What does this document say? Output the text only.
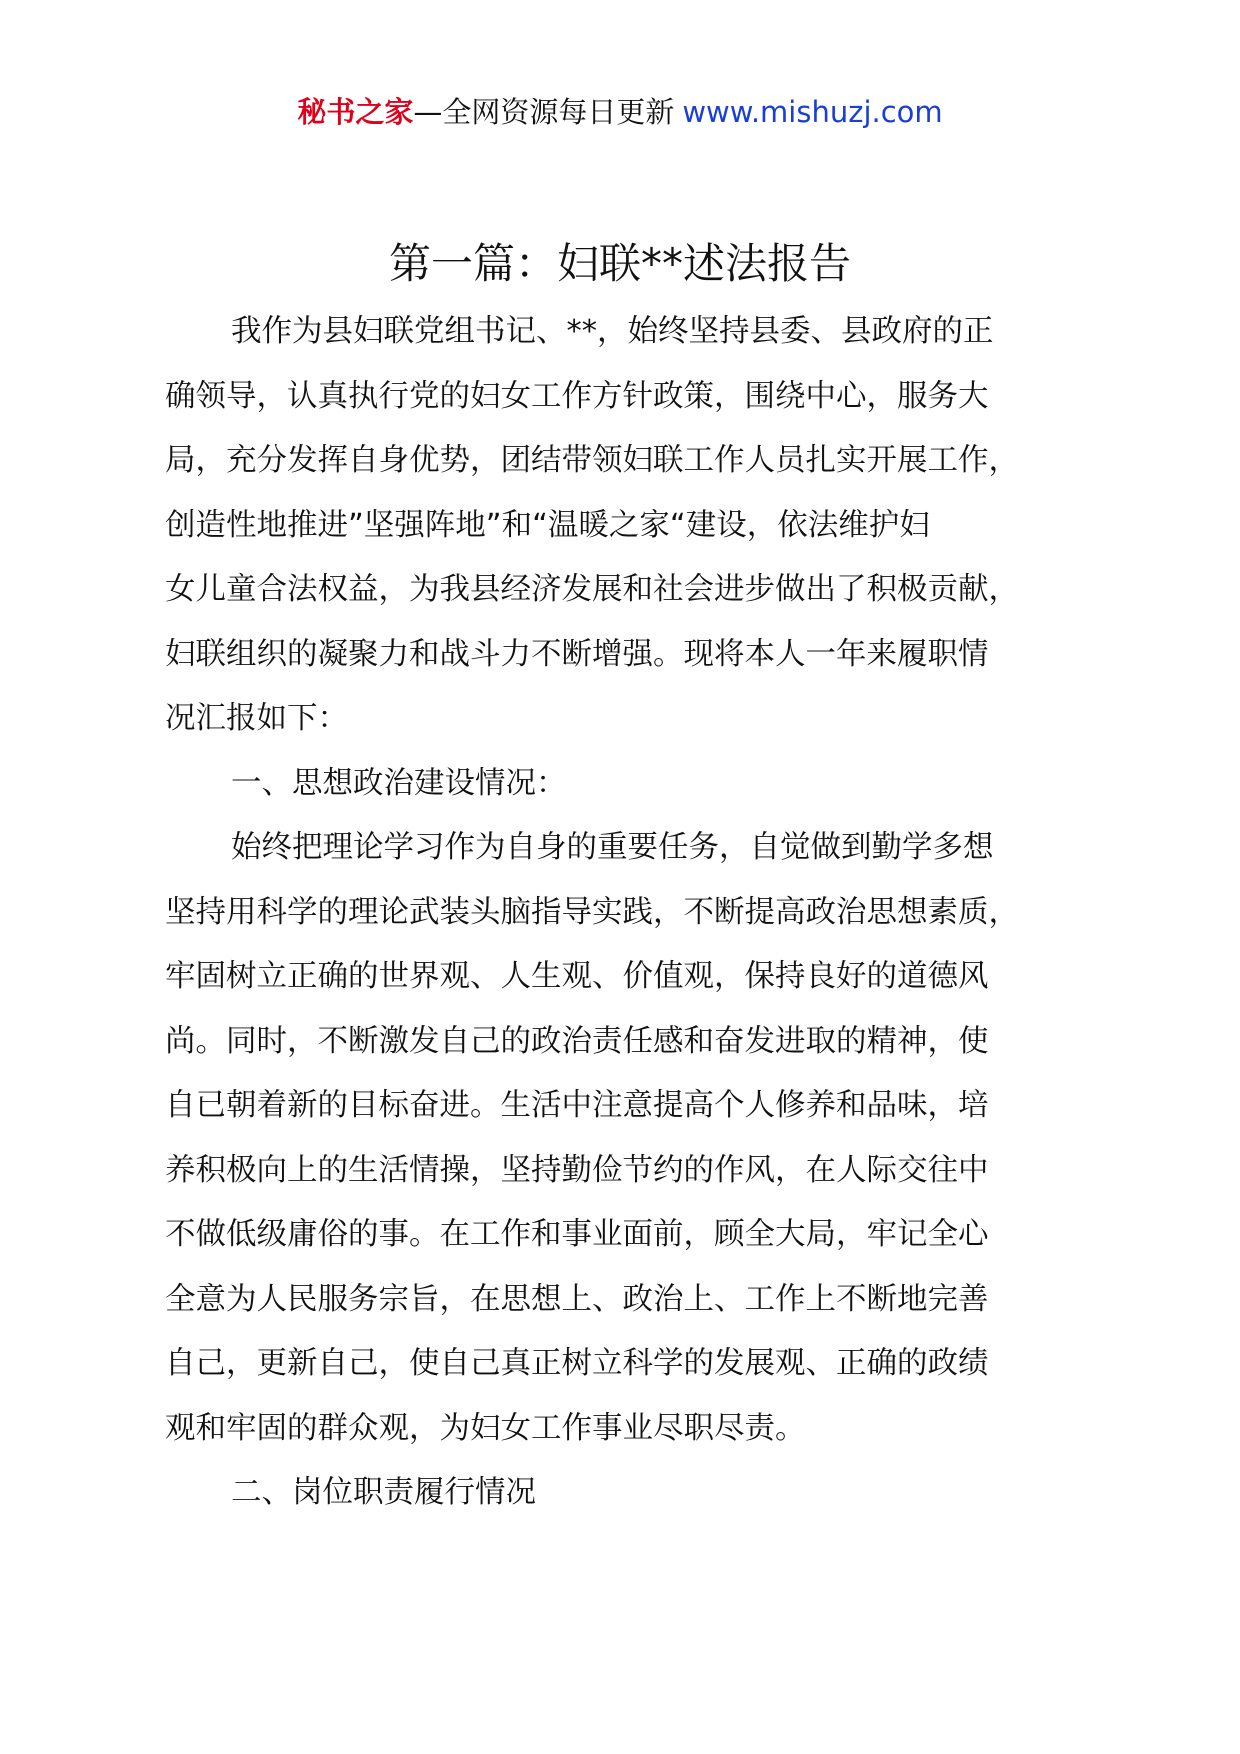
秘书之家—全网资源每日更新 www.mishuzj.com
第一篇：妇联**述法报告
我作为县妇联党组书记、**，始终坚持县委、县政府的正
确领导，认真执行党的妇女工作方针政策，围绕中心，服务大
局，充分发挥自身优势，团结带领妇联工作人员扎实开展工作，
创造性地推进”坚强阵地”和“温暖之家“建设，依法维护妇
女儿童合法权益，为我县经济发展和社会进步做出了积极贡献，
妇联组织的凝聚力和战斗力不断增强。现将本人一年来履职情
况汇报如下：
一、思想政治建设情况：
始终把理论学习作为自身的重要任务，自觉做到勤学多想
坚持用科学的理论武装头脑指导实践，不断提高政治思想素质，
牢固树立正确的世界观、人生观、价值观，保持良好的道德风
尚。同时，不断激发自己的政治责任感和奋发进取的精神，使
自已朝着新的目标奋进。生活中注意提高个人修养和品味，培
养积极向上的生活情操，坚持勤俭节约的作风，在人际交往中
不做低级庸俗的事。在工作和事业面前，顾全大局，牢记全心
全意为人民服务宗旨，在思想上、政治上、工作上不断地完善
自己，更新自己，使自己真正树立科学的发展观、正确的政绩
观和牢固的群众观，为妇女工作事业尽职尽责。
二、岗位职责履行情况
